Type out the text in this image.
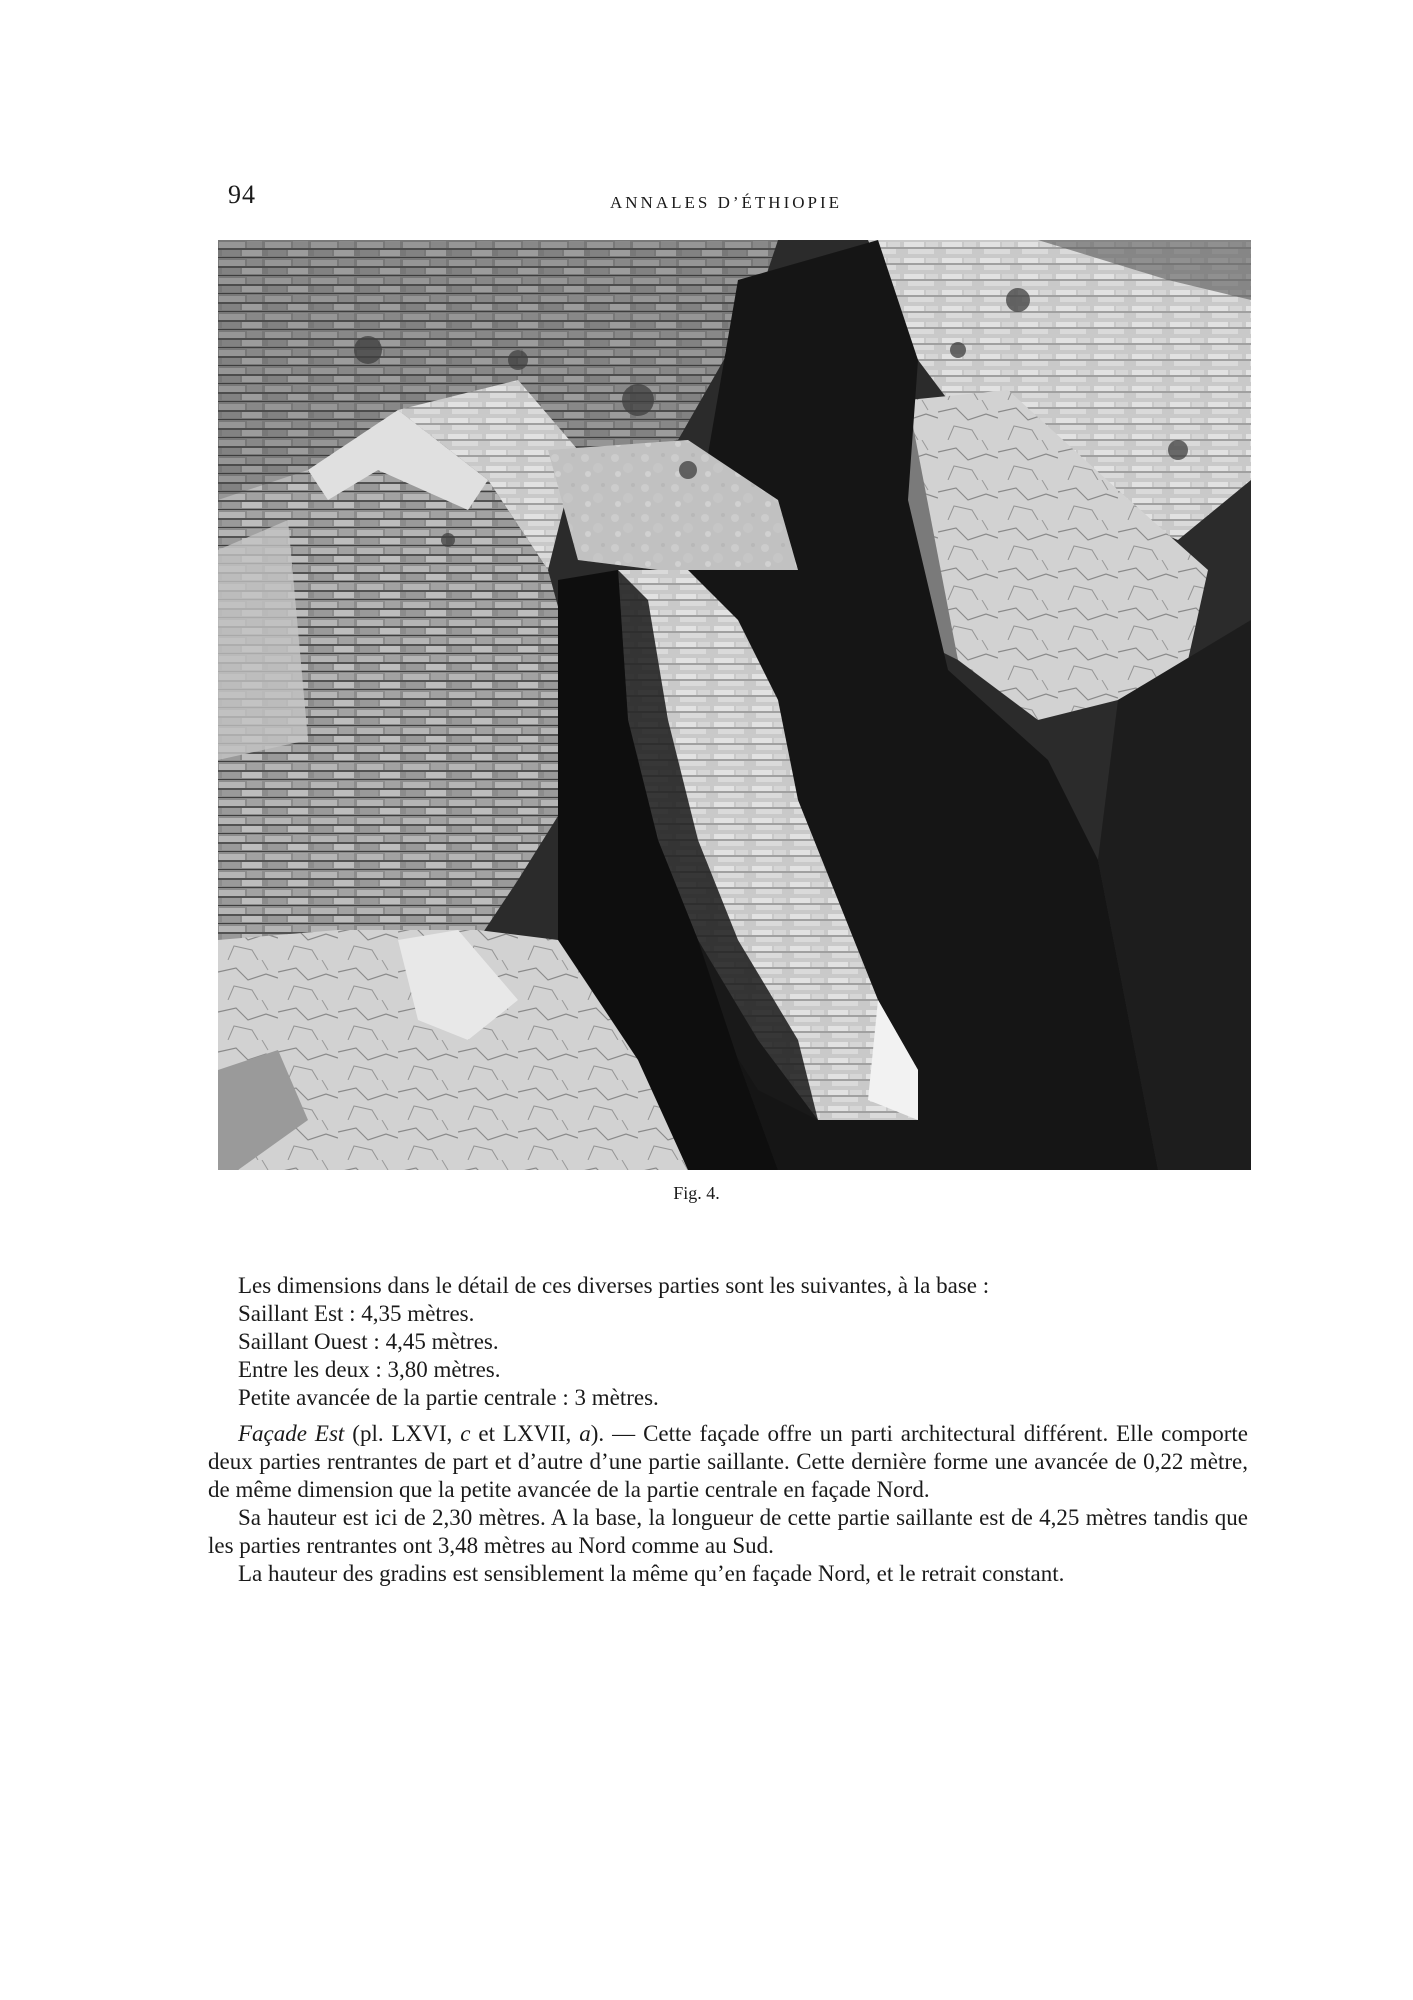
94	ANNALES D’ÉTHIOPIE
Fig. 4.

Les dimensions dans le détail de ces diverses parties sont les suivantes, à la base :

Saillant Est : 4,35 mètres.
Saillant Ouest : 4,45 mètres.
Entre les deux : 3,80 mètres.
Petite avancée de la partie centrale : 3 mètres.

Façade Est (pl. LXVI, c et LXVII, a). — Cette façade offre un parti architectural différent. Elle comporte deux parties rentrantes de part et d’autre d’une partie saillante. Cette dernière forme une avancée de 0,22 mètre, de même dimension que la petite avancée de la partie centrale en façade Nord.

Sa hauteur est ici de 2,30 mètres. A la base, la longueur de cette partie saillante est de 4,25 mètres tandis que les parties rentrantes ont 3,48 mètres au Nord comme au Sud.

La hauteur des gradins est sensiblement la même qu’en façade Nord, et le retrait constant.
